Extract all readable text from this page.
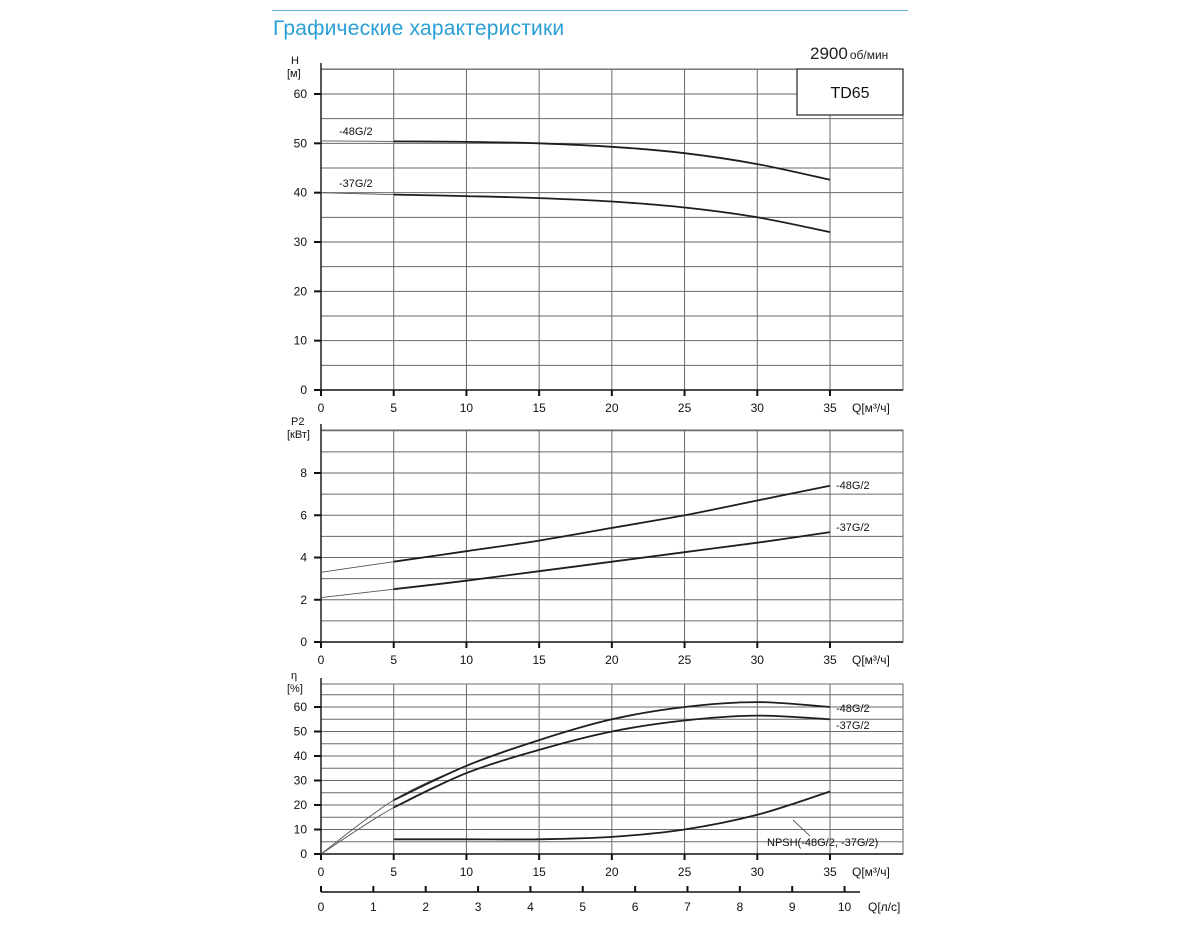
Графические характеристики
2900 об/мин
0
10
20
30
40
50
60
0	5	10	15	20	25	30	35 Q[м³/ч]
H
[м]
-48G/2
-37G/2
0
2
4
6
8
0	5	10	15	20	25	30	35 Q[м³/ч]
P2
[кВт]
-48G/2
-37G/2
0
10
20
30
40
50
60
0	5	10	15	20	25	30	35 Q[м³/ч]
η
[%]
-48G/2
-37G/2
NPSH(-48G/2, -37G/2)
0	1	2	3	4	5	6	7	8	9	10 Q[л/с]
TD65
